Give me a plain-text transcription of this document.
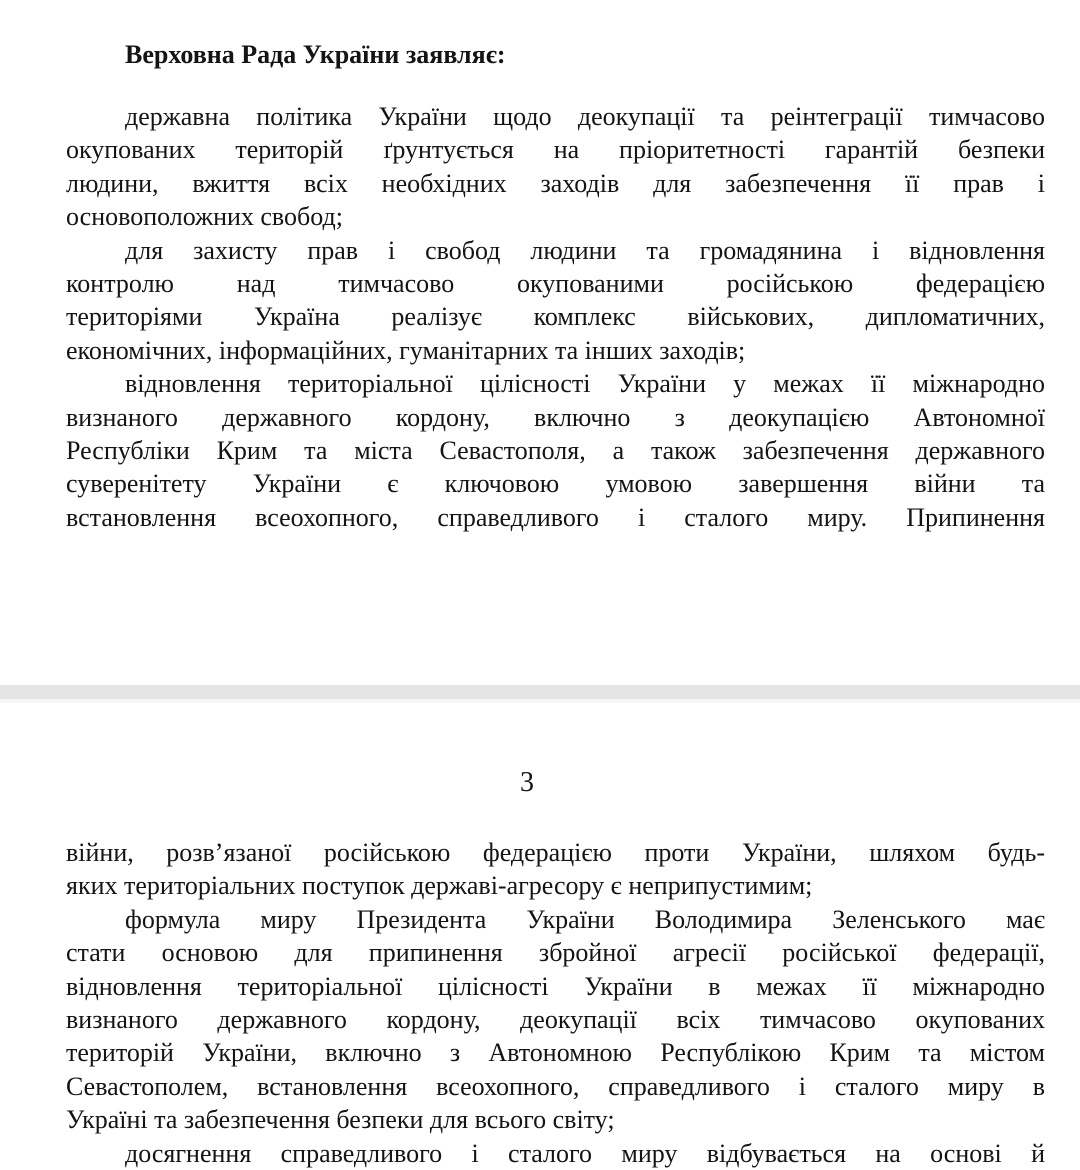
Верховна Рада України заявляє:
державна політика України щодо деокупації та реінтеграції тимчасово
окупованих територій ґрунтується на пріоритетності гарантій безпеки
людини, вжиття всіх необхідних заходів для забезпечення її прав і
основоположних свобод;
для захисту прав і свобод людини та громадянина і відновлення
контролю над тимчасово окупованими російською федерацією
територіями Україна реалізує комплекс військових, дипломатичних,
економічних, інформаційних, гуманітарних та інших заходів;
відновлення територіальної цілісності України у межах її міжнародно
визнаного державного кордону, включно з деокупацією Автономної
Республіки Крим та міста Севастополя, а також забезпечення державного
суверенітету України є ключовою умовою завершення війни та
встановлення всеохопного, справедливого і сталого миру. Припинення
3
війни, розв’язаної російською федерацією проти України, шляхом будь-
яких територіальних поступок державі-агресору є неприпустимим;
формула миру Президента України Володимира Зеленського має
стати основою для припинення збройної агресії російської федерації,
відновлення територіальної цілісності України в межах її міжнародно
визнаного державного кордону, деокупації всіх тимчасово окупованих
територій України, включно з Автономною Республікою Крим та містом
Севастополем, встановлення всеохопного, справедливого і сталого миру в
Україні та забезпечення безпеки для всього світу;
досягнення справедливого і сталого миру відбувається на основі й
